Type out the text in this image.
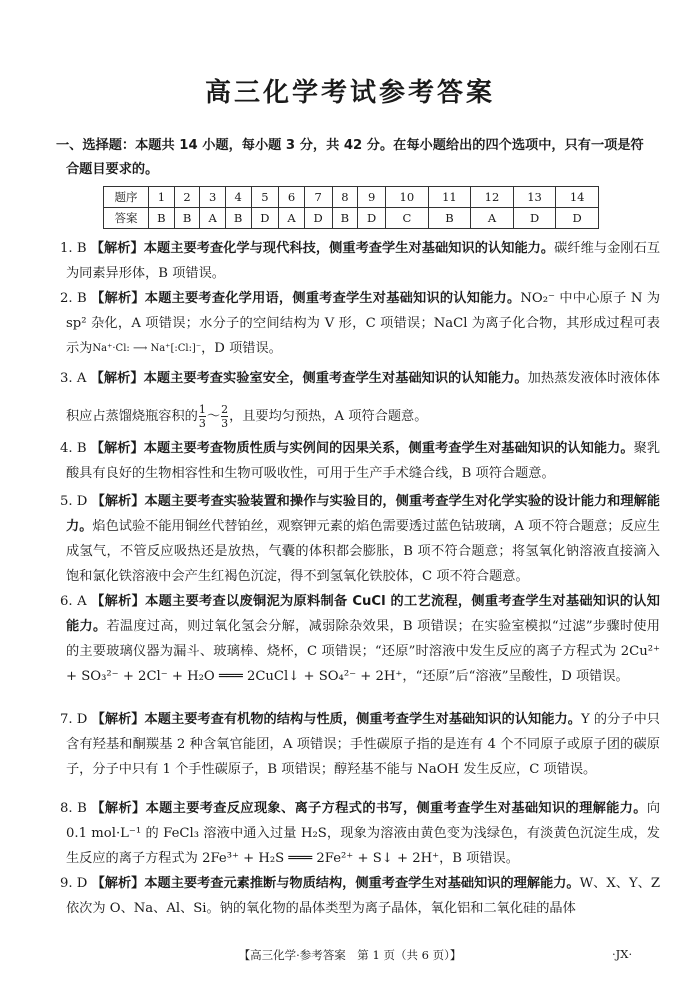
高三化学考试参考答案
一、选择题：本题共 14 小题，每小题 3 分，共 42 分。在每小题给出的四个选项中，只有一项是符
合题目要求的。
题序	1	2	3	4	5	6	7	8	9	10	11	12	13	14
答案	B	B	A	B	D	A	D	B	D	C	B	A	D	D
1. B 【解析】本题主要考查化学与现代科技，侧重考查学生对基础知识的认知能力。碳纤维与金刚石互为同素异形体，B 项错误。
2. B 【解析】本题主要考查化学用语，侧重考查学生对基础知识的认知能力。NO₂⁻ 中中心原子 N 为 sp² 杂化，A 项错误；水分子的空间结构为 V 形，C 项错误；NaCl 为离子化合物，其形成过程可表示为Na⁺·Cl: ⟶ Na⁺[:Cl:]⁻，D 项错误。
3. A 【解析】本题主要考查实验室安全，侧重考查学生对基础知识的认知能力。加热蒸发液体时液体体积应占蒸馏烧瓶容积的 $\frac{1}{3}$ ～ $\frac{2}{3}$ ，且要均匀预热，A 项符合题意。
4. B 【解析】本题主要考查物质性质与实例间的因果关系，侧重考查学生对基础知识的认知能力。聚乳酸具有良好的生物相容性和生物可吸收性，可用于生产手术缝合线，B 项符合题意。
5. D 【解析】本题主要考查实验装置和操作与实验目的，侧重考查学生对化学实验的设计能力和理解能力。焰色试验不能用铜丝代替铂丝，观察钾元素的焰色需要透过蓝色钴玻璃，A 项不符合题意；反应生成氢气，不管反应吸热还是放热，气囊的体积都会膨胀，B 项不符合题意；将氢氧化钠溶液直接滴入饱和氯化铁溶液中会产生红褐色沉淀，得不到氢氧化铁胶体，C 项不符合题意。
6. A 【解析】本题主要考查以废铜泥为原料制备 CuCl 的工艺流程，侧重考查学生对基础知识的认知能力。若温度过高，则过氧化氢会分解，减弱除杂效果，B 项错误；在实验室模拟“过滤”步骤时使用的主要玻璃仪器为漏斗、玻璃棒、烧杯，C 项错误；“还原”时溶液中发生反应的离子方程式为 2Cu²⁺ + SO₃²⁻ + 2Cl⁻ + H₂O ═══ 2CuCl↓ + SO₄²⁻ + 2H⁺，“还原”后“溶液”呈酸性，D 项错误。
7. D 【解析】本题主要考查有机物的结构与性质，侧重考查学生对基础知识的认知能力。Y 的分子中只含有羟基和酮羰基 2 种含氧官能团，A 项错误；手性碳原子指的是连有 4 个不同原子或原子团的碳原子，分子中只有 1 个手性碳原子，B 项错误；醇羟基不能与 NaOH 发生反应，C 项错误。
8. B 【解析】本题主要考查反应现象、离子方程式的书写，侧重考查学生对基础知识的理解能力。向 0.1 mol·L⁻¹ 的 FeCl₃ 溶液中通入过量 H₂S，现象为溶液由黄色变为浅绿色，有淡黄色沉淀生成，发生反应的离子方程式为 2Fe³⁺ + H₂S ═══ 2Fe²⁺ + S↓ + 2H⁺，B 项错误。
9. D 【解析】本题主要考查元素推断与物质结构，侧重考查学生对基础知识的理解能力。W、X、Y、Z 依次为 O、Na、Al、Si。钠的氧化物的晶体类型为离子晶体，氧化铝和二氧化硅的晶体
【高三化学·参考答案　第 1 页（共 6 页）】	·JX·
